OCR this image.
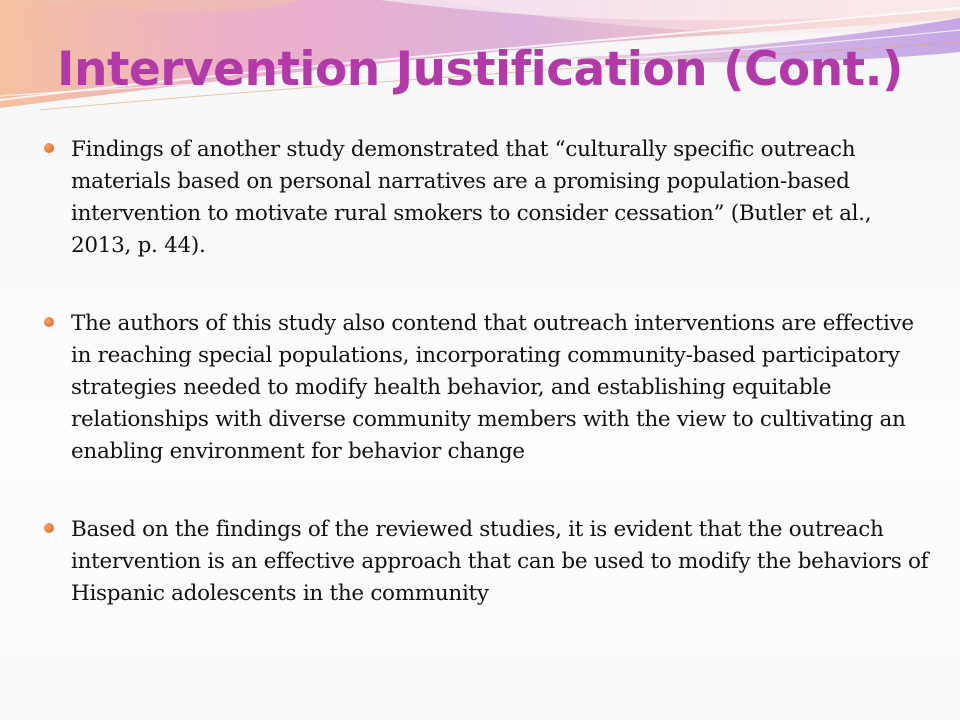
Intervention Justification (Cont.)
Findings of another study demonstrated that “culturally specific outreach materials based on personal narratives are a promising population-based intervention to motivate rural smokers to consider cessation” (Butler et al., 2013, p. 44).
The authors of this study also contend that outreach interventions are effective in reaching special populations, incorporating community-based participatory strategies needed to modify health behavior, and establishing equitable relationships with diverse community members with the view to cultivating an enabling environment for behavior change
Based on the findings of the reviewed studies, it is evident that the outreach intervention is an effective approach that can be used to modify the behaviors of Hispanic adolescents in the community
